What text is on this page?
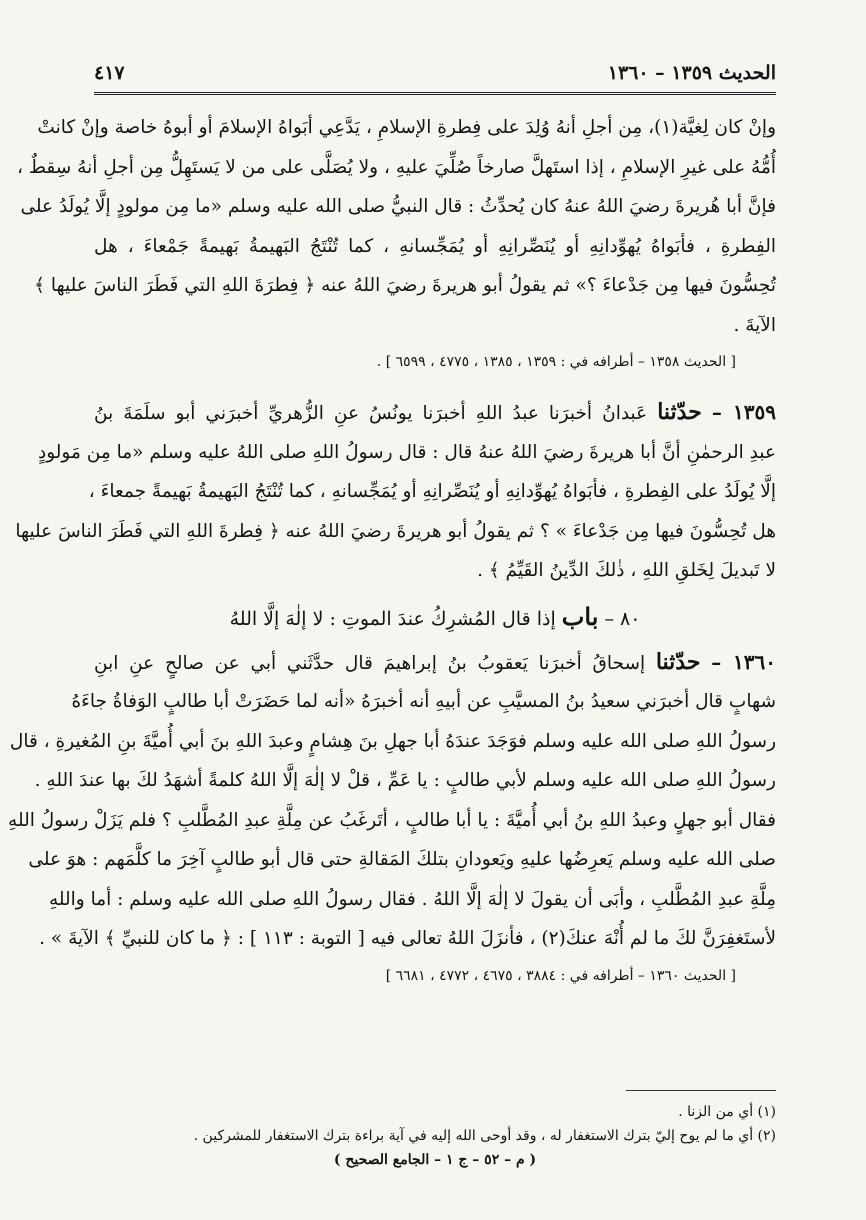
الحديث ١٣٥٩ – ١٣٦٠
٤١٧
وإنْ كان لِغيَّة(١)، مِن أجلِ أنهُ وُلِدَ على فِطرةِ الإسلامِ ، يَدَّعِي أبَواهُ الإسلامَ أو أبوهُ خاصة وإنْ كانتْ
أُمُّهُ على غيرِ الإسلامِ ، إذا استَهلَّ صارخاً صُلِّيَ عليهِ ، ولا يُصَلَّى على من لا يَستَهِلُّ مِن أجلِ أنهُ سِقطٌ ،
فإنَّ أبا هُريرةَ رضيَ اللهُ عنهُ كان يُحدِّثُ : قال النبيُّ صلى الله عليه وسلم «ما مِن مولودٍ إلَّا يُولَدُ على
الفِطرةِ ، فأبَواهُ يُهوِّدانِهِ أو يُنَصِّرانِهِ أو يُمَجِّسانهِ ، كما تُنْتَجُ البَهيمةُ بَهيمةً جَمْعاءَ ، هل
تُحِسُّونَ فيها مِن جَدْعاءَ ؟» ثم يقولُ أبو هريرةَ رضيَ اللهُ عنه ﴿ فِطرَةَ اللهِ التي فَطَرَ الناسَ عليها ﴾
الآيةَ .
[ الحديث ١٣٥٨ – أطرافه في : ١٣٥٩ ، ١٣٨٥ ، ٤٧٧٥ ، ٦٥٩٩ ] .
١٣٥٩ – حدّثنا عَبدانُ أخبرَنا عبدُ اللهِ أخبرَنا يونُسُ عنِ الزُّهريِّ أخبرَني أبو سلَمَةَ بنُ
عبدِ الرحمٰنِ أنَّ أبا هريرةَ رضيَ اللهُ عنهُ قال : قال رسولُ اللهِ صلى اللهُ عليه وسلم «ما مِن مَولودٍ
إلَّا يُولَدُ على الفِطرةِ ، فأبَواهُ يُهوِّدانِهِ أو يُنَصِّرانِهِ أو يُمَجِّسانهِ ، كما تُنْتَجُ البَهيمةُ بَهيمةً جمعاءَ ،
هل تُحِسُّونَ فيها مِن جَدْعاءَ » ؟ ثم يقولُ أبو هريرةَ رضيَ اللهُ عنه ﴿ فِطرةَ اللهِ التي فَطَرَ الناسَ عليها
لا تَبديلَ لِخَلقِ اللهِ ، ذٰلكَ الدِّينُ القَيِّمُ ﴾ .
٨٠ – باب إذا قال المُشرِكُ عندَ الموتِ : لا إلٰهَ إلَّا اللهُ
١٣٦٠ – حدّثنا إسحاقُ أخبرَنا يَعقوبُ بنُ إبراهيمَ قال حدَّثَني أبي عن صالحٍ عنِ ابنِ
شهابٍ قال أخبرَني سعيدُ بنُ المسيَّبِ عن أبيهِ أنه أخبرَهُ «أنه لما حَضَرَتْ أبا طالبٍ الوَفاةُ جاءَهُ
رسولُ اللهِ صلى الله عليه وسلم فوَجَدَ عندَهُ أبا جهلِ بنَ هِشامٍ وعبدَ اللهِ بنَ أبي أُميَّةَ بنِ المُغيرةِ ، قال
رسولُ اللهِ صلى الله عليه وسلم لأبي طالبٍ : يا عَمِّ ، قلْ لا إلٰهَ إلَّا اللهُ كلمةً أشهَدُ لكَ بها عندَ اللهِ .
فقال أبو جهلٍ وعبدُ اللهِ بنُ أبي أُميَّةَ : يا أبا طالبٍ ، أتَرغَبُ عن مِلَّةِ عبدِ المُطَّلبِ ؟ فلم يَزَلْ رسولُ اللهِ
صلى الله عليه وسلم يَعرِضُها عليهِ ويَعودانِ بتلكَ المَقالةِ حتى قال أبو طالبٍ آخِرَ ما كلَّمَهم : هوَ على
مِلَّةِ عبدِ المُطَّلبِ ، وأبَى أن يقولَ لا إلٰهَ إلَّا اللهُ . فقال رسولُ اللهِ صلى الله عليه وسلم : أما واللهِ
لأستَغفِرَنَّ لكَ ما لم أُنْهَ عنكَ(٢) ، فأنزَلَ اللهُ تعالى فيه [ التوبة : ١١٣ ] : ﴿ ما كان للنبيِّ ﴾ الآيةَ » .
[ الحديث ١٣٦٠ – أطرافه في : ٣٨٨٤ ، ٤٦٧٥ ، ٤٧٧٢ ، ٦٦٨١ ]
(١) أي من الزنا .
(٢) أي ما لم يوح إليّ بترك الاستغفار له ، وقد أوحى الله إليه في آية براءة بترك الاستغفار للمشركين .
( م – ٥٢ – ج ١ – الجامع الصحيح )
